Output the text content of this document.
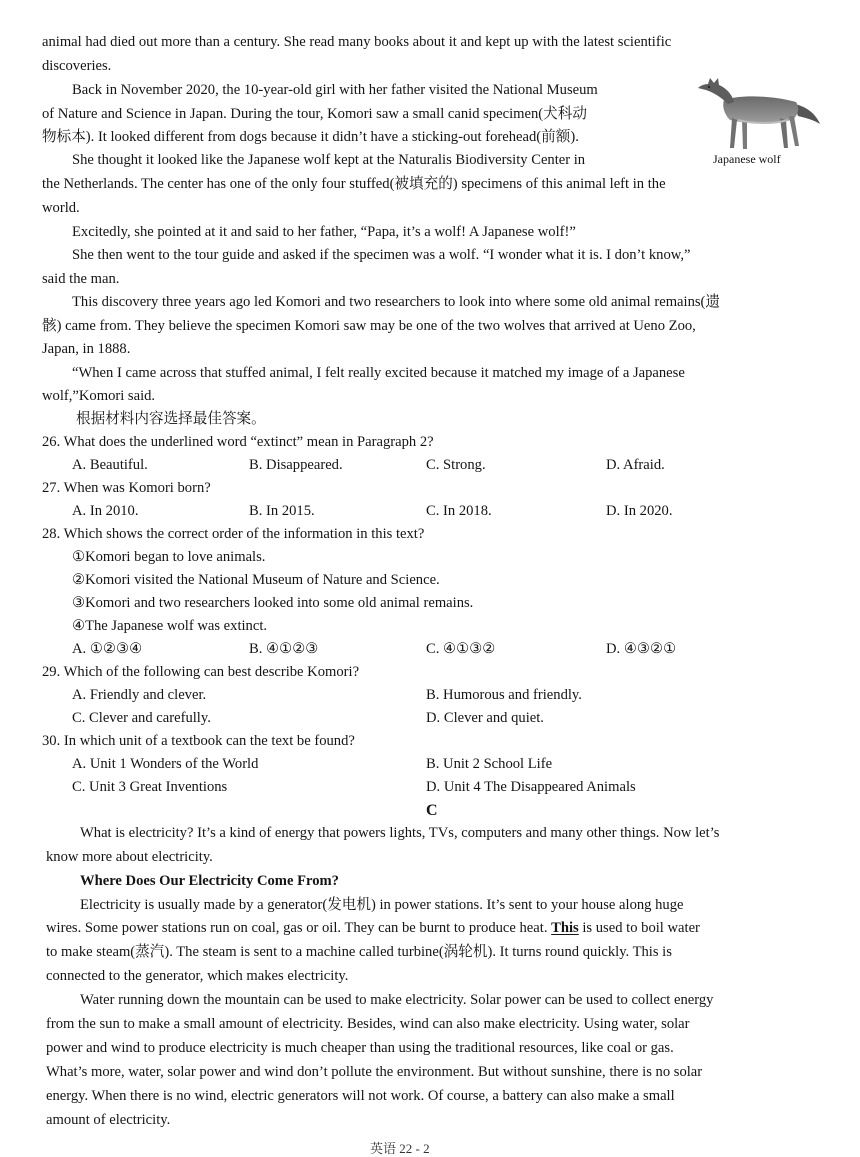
animal had died out more than a century. She read many books about it and kept up with the latest scientific
discoveries.
Back in November 2020, the 10-year-old girl with her father visited the National Museum
of Nature and Science in Japan. During the tour, Komori saw a small canid specimen(犬科动
物标本). It looked different from dogs because it didn’t have a sticking-out forehead(前额).
She thought it looked like the Japanese wolf kept at the Naturalis Biodiversity Center in
the Netherlands. The center has one of the only four stuffed(被填充的) specimens of this animal left in the
world.
Excitedly, she pointed at it and said to her father, “Papa, it’s a wolf! A Japanese wolf!”
She then went to the tour guide and asked if the specimen was a wolf. “I wonder what it is. I don’t know,”
said the man.
This discovery three years ago led Komori and two researchers to look into where some old animal remains(遗
骸) came from. They believe the specimen Komori saw may be one of the two wolves that arrived at Ueno Zoo,
Japan, in 1888.
“When I came across that stuffed animal, I felt really excited because it matched my image of a Japanese
wolf,”Komori said.
Japanese wolf
根据材料内容选择最佳答案。
26. What does the underlined word “extinct” mean in Paragraph 2?
A. Beautiful.	B. Disappeared.	C. Strong.	D. Afraid.
27. When was Komori born?
A. In 2010.	B. In 2015.	C. In 2018.	D. In 2020.
28. Which shows the correct order of the information in this text?
①Komori began to love animals.
②Komori visited the National Museum of Nature and Science.
③Komori and two researchers looked into some old animal remains.
④The Japanese wolf was extinct.
A. ①②③④	B. ④①②③	C. ④①③②	D. ④③②①
29. Which of the following can best describe Komori?
A. Friendly and clever.	B. Humorous and friendly.
C. Clever and carefully.	D. Clever and quiet.
30. In which unit of a textbook can the text be found?
A. Unit 1 Wonders of the World	B. Unit 2 School Life
C. Unit 3 Great Inventions	D. Unit 4 The Disappeared Animals
C
What is electricity? It’s a kind of energy that powers lights, TVs, computers and many other things. Now let’s
know more about electricity.
Where Does Our Electricity Come From?
Electricity is usually made by a generator(发电机) in power stations. It’s sent to your house along huge
wires. Some power stations run on coal, gas or oil. They can be burnt to produce heat. This is used to boil water
to make steam(蒸汽). The steam is sent to a machine called turbine(涡轮机). It turns round quickly. This is
connected to the generator, which makes electricity.
Water running down the mountain can be used to make electricity. Solar power can be used to collect energy
from the sun to make a small amount of electricity. Besides, wind can also make electricity. Using water, solar
power and wind to produce electricity is much cheaper than using the traditional resources, like coal or gas.
What’s more, water, solar power and wind don’t pollute the environment. But without sunshine, there is no solar
energy. When there is no wind, electric generators will not work. Of course, a battery can also make a small
amount of electricity.
英语 22 - 2
